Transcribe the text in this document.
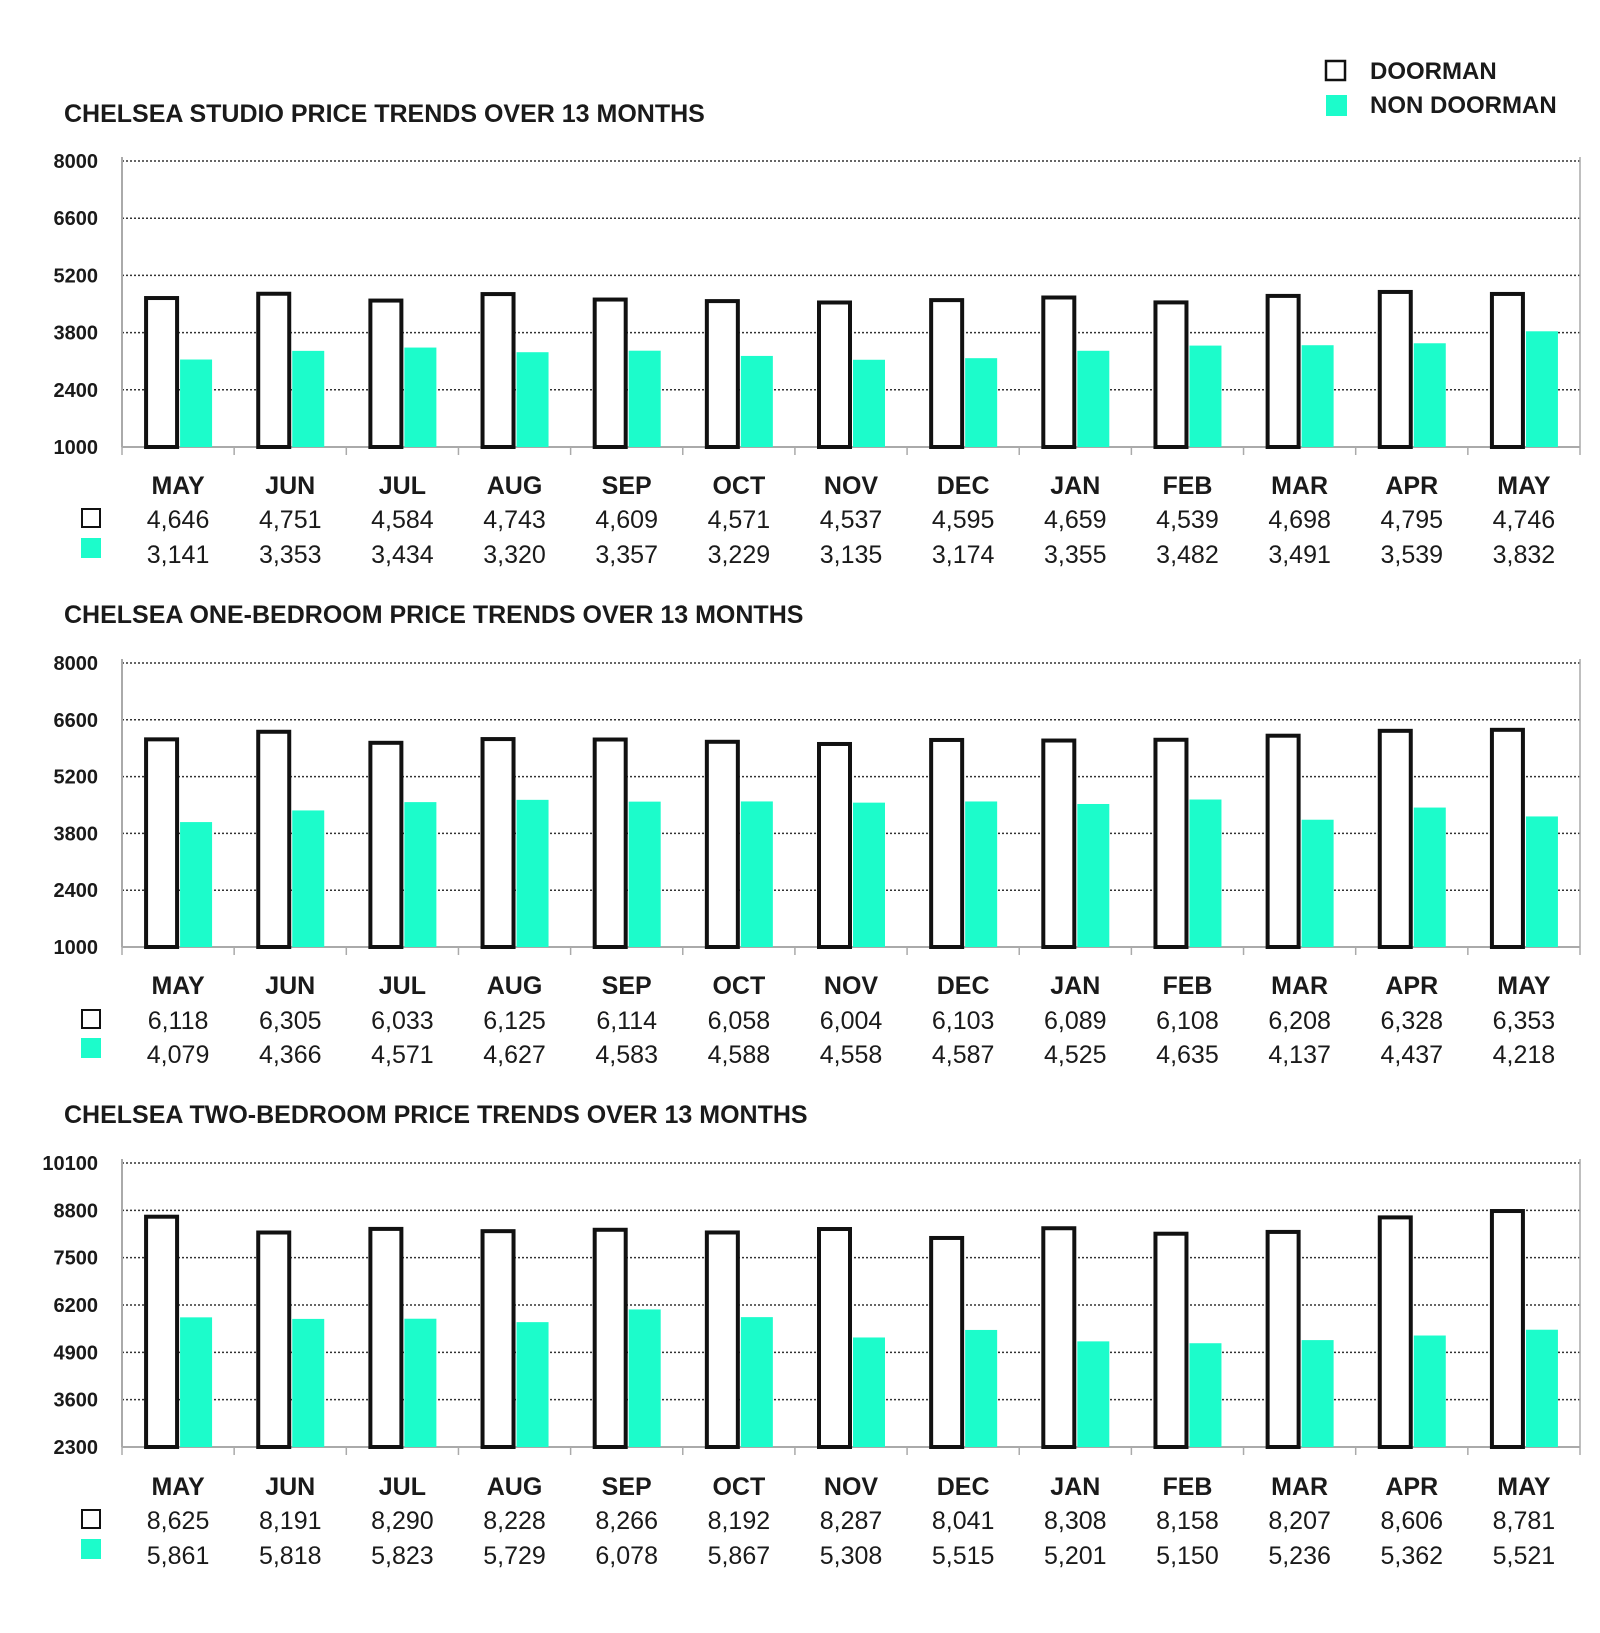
DOORMAN
NON DOORMAN
CHELSEA STUDIO PRICE TRENDS OVER 13 MONTHS
8000
6600
5200
3800
2400
1000
MAY
4,646
3,141
JUN
4,751
3,353
JUL
4,584
3,434
AUG
4,743
3,320
SEP
4,609
3,357
OCT
4,571
3,229
NOV
4,537
3,135
DEC
4,595
3,174
JAN
4,659
3,355
FEB
4,539
3,482
MAR
4,698
3,491
APR
4,795
3,539
MAY
4,746
3,832
CHELSEA ONE-BEDROOM PRICE TRENDS OVER 13 MONTHS
8000
6600
5200
3800
2400
1000
MAY
6,118
4,079
JUN
6,305
4,366
JUL
6,033
4,571
AUG
6,125
4,627
SEP
6,114
4,583
OCT
6,058
4,588
NOV
6,004
4,558
DEC
6,103
4,587
JAN
6,089
4,525
FEB
6,108
4,635
MAR
6,208
4,137
APR
6,328
4,437
MAY
6,353
4,218
CHELSEA TWO-BEDROOM PRICE TRENDS OVER 13 MONTHS
10100
8800
7500
6200
4900
3600
2300
MAY
8,625
5,861
JUN
8,191
5,818
JUL
8,290
5,823
AUG
8,228
5,729
SEP
8,266
6,078
OCT
8,192
5,867
NOV
8,287
5,308
DEC
8,041
5,515
JAN
8,308
5,201
FEB
8,158
5,150
MAR
8,207
5,236
APR
8,606
5,362
MAY
8,781
5,521
